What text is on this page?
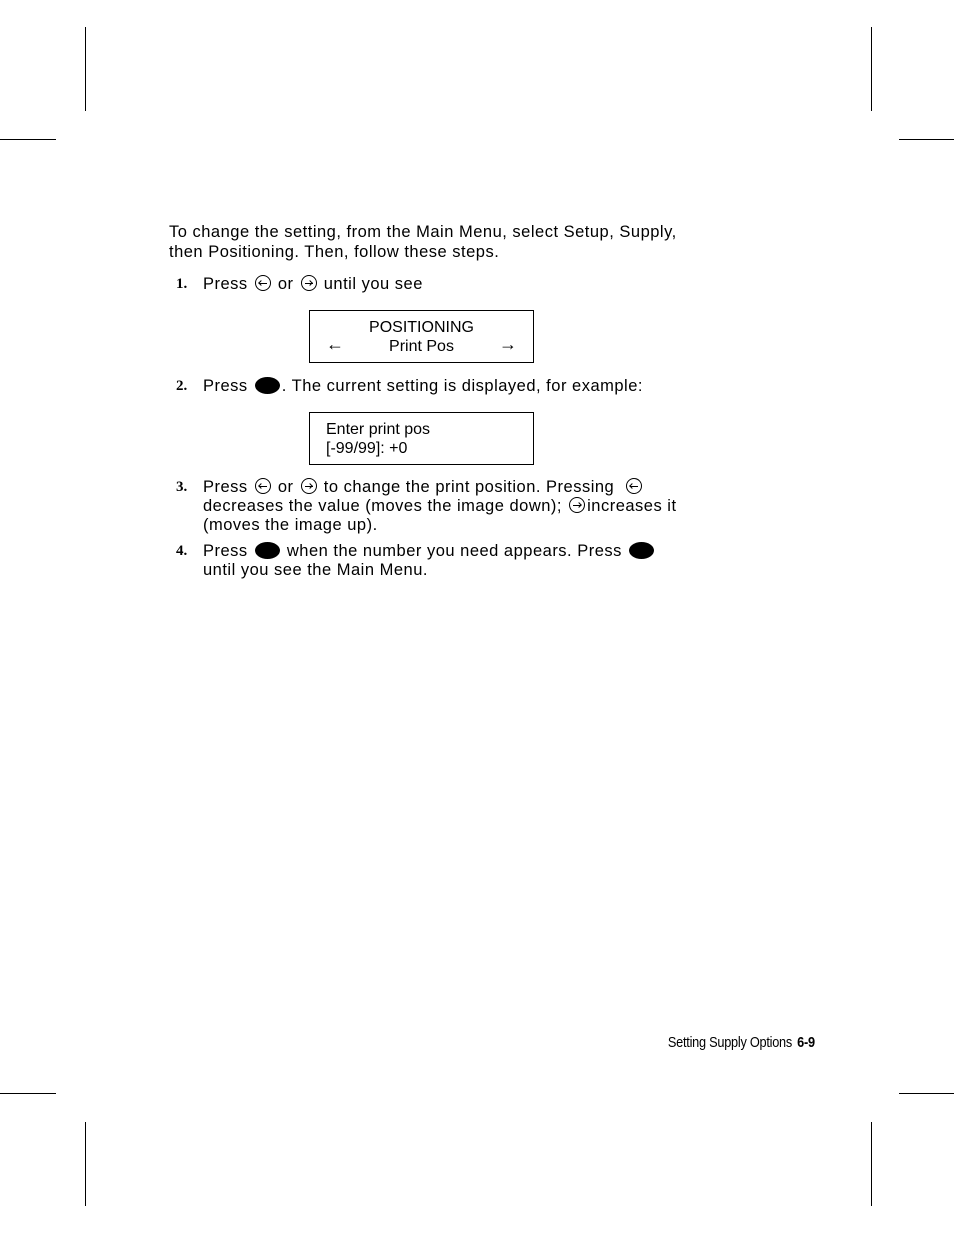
To change the setting, from the Main Menu, select Setup, Supply,
then Positioning. Then, follow these steps.
1. Press or until you see
POSITIONING
Print Pos
←	→
2. Press . The current setting is displayed, for example:
Enter print pos
[-99/99]: +0
3. Press or to change the print position. Pressing
decreases the value (moves the image down); increases it
(moves the image up).
4. Press when the number you need appears. Press
until you see the Main Menu.
Setting Supply Options 6-9
